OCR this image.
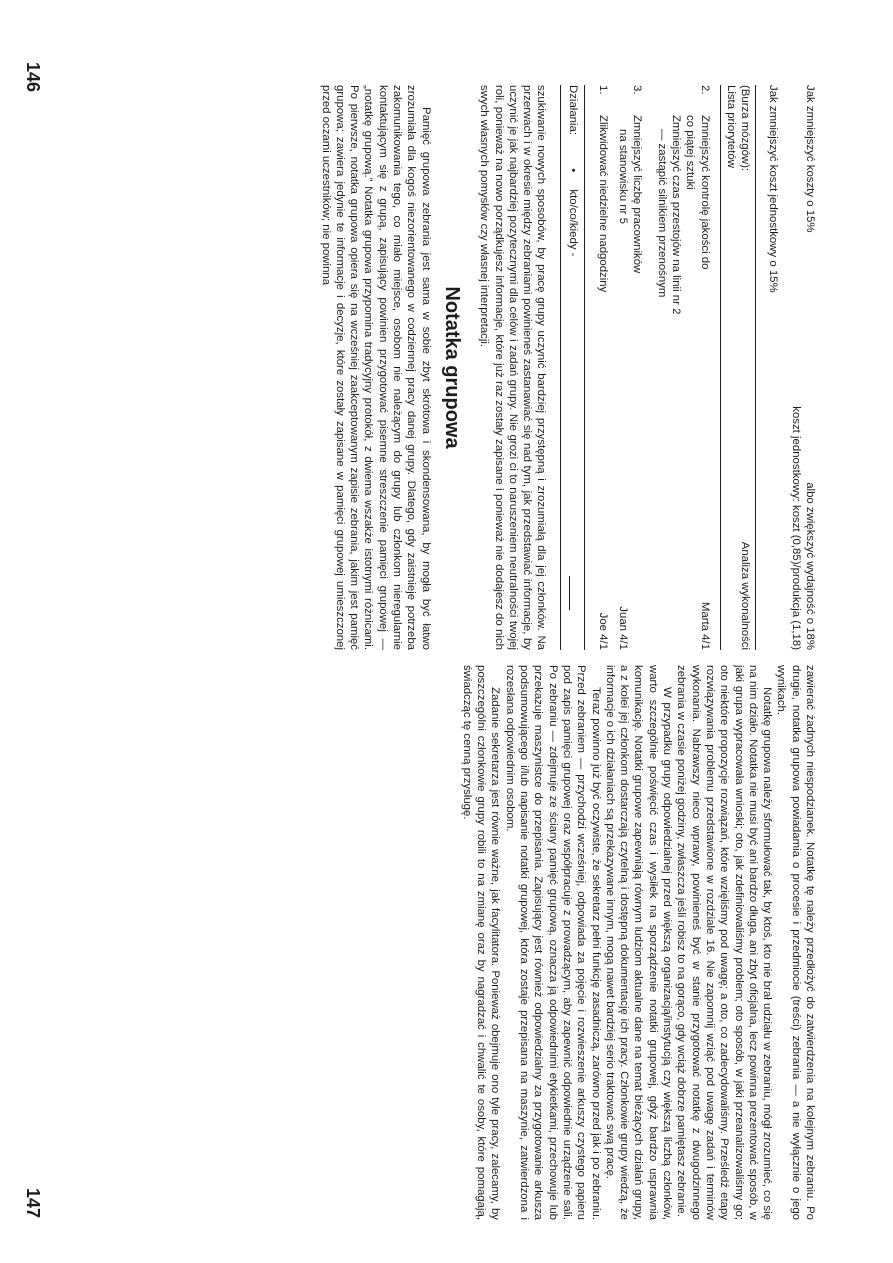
Jak zmniejszyć koszty o 15%
albo zwiększyć wydajność o 18%
koszt jednostkowy: koszt (0,85)/produkcja (1,18)
Jak zmniejszyć koszt jednostkowy o 15%
(Burza mózgów):
Analiza wykonalności
Lista priorytetów
2.
Marta 4/1
Zmniejszyć kontrolę jakości do
co piątej sztuki
Zmniejszyć czas przestojów na linii nr 2
— zastąpić silnikiem przenośnym
3.
Juan 4/1
Zmniejszyć liczbę pracowników
na stanowisku nr 5
1.
Joe 4/1
Zlikwidować niedzielne nadgodziny
Działania: • kto/co/kiedy -

szukiwanie nowych sposobów, by pracę grupy uczynić bardziej przystępną i zrozumiałą dla jej członków. Na przerwach i w okresie między zebraniami powinieneś zastanawiać się nad tym, jak przedstawiać informacje, by uczynić je jak najbardziej pozytecznymi dla celów i zadań grupy. Nie grozi ci to naruszeniem neutralności twojej roli, ponieważ na nowo porządkujesz informacje, które już raz zostały zapisane i ponieważ nie dodajesz do nich swych własnych pomysłów czy własnej interpretacji.

Notatka grupowa

Pamięć grupowa zebrania jest sama w sobie zbyt skrótowa i skondensowana, by mogła być łatwo zrozumiała dla kogoś niezorientowanego w codziennej pracy danej grupy. Dlatego, gdy zaistnieje potrzeba zakomunikowania tego, co miało miejsce, osobom nie należącym do grupy lub członkom nieregularnie kontaktującym się z grupą, zapisujący powinien przygotować pisemne streszczenie pamięci grupowej — „notatkę grupową.” Notatka grupowa przypomina tradycyjny protokół, z dwiema wszakże istotnymi różnicami. Po pierwsze, notatka grupowa opiera się na wcześniej zaakceptowanym zapisie zebrania, jakim jest pamięć grupowa; zawiera jedynie te informacje i decyzje, które zostały zapisane w pamięci grupowej umieszczonej przed oczami uczestników; nie powinna

zawierać żadnych niespodzianek. Notatkę tę należy przedłożyć do zatwierdzenia na kolejnym zebraniu. Po drugie, notatka grupowa powiadamia o procesie i przedmiocie (treści) zebrania — a nie wyłącznie o jego wynikach.

Notatkę grupowa należy sformułować tak, by ktoś, kto nie brał udziału w zebraniu, mógł zrozumieć, co się na nim działo. Notatka nie musi być ani bardzo długa, ani zbyt oficjalna, lecz powinna prezentować sposób, w jaki grupa wypracowała wnioski; oto, jak zdefiniowaliśmy problem; oto sposób, w jaki przeanalizowaliśmy go; oto niektóre propozycje rozwiązań, które wzięliśmy pod uwagę; a oto, co zadecydowaliśmy. Prześledź etapy rozwiązywania problemu przedstawione w rozdziale 16. Nie zapomnij wziąć pod uwagę zadań i terminów wykonania. Nabrawszy nieco wprawy, powinieneś być w stanie przygotować notatkę z dwugodzinnego zebrania w czasie poniżej godziny, zwłaszcza jeśli robisz to na gorąco, gdy wciąż dobrze pamiętasz zebranie.

W przypadku grupy odpowiedzialnej przed większą organizacją/instytucją czy większą liczbą członków, warto szczególnie poświęcić czas i wysiłek na sporządzenie notatki grupowej, gdyż bardzo usprawnia komunikację. Notatki grupowe zapewniają równym ludziom aktualne dane na temat bieżących działań grupy, a z kolei jej członkom dostarczają czytelną i dostępną dokumentację ich pracy. Członkowie grupy wiedzą, że informacje o ich działaniach są przekazywane innym, mogą nawet bardziej serio traktować swą pracę.

Teraz powinno już być oczywiste, że sekretarz pełni funkcję zasadniczą, zarówno przed jak i po zebraniu. Przed zebraniem — przychodzi wcześniej, odpowiada za pojęcie i rozwieszenie arkuszy czystego papieru pod zapis pamięci grupowej oraz współpracuje z prowadzącym, aby zapewnić odpowiednie urządzenie sali. Po zebraniu — zdejmuje ze ściany pamięć grupową, oznacza ją odpowiednimi etykietkami, przechowuje lub przekazuje maszynistce do przepisania. Zapisujący jest również odpowiedzialny za przygotowanie arkusza podsumowującego i/lub napisanie notatki grupowej, która zostaje przepisana na maszynie, zatwierdzona i rozesłana odpowiednim osobom.

Zadanie sekretarza jest równie ważne, jak facylitatora. Ponieważ obejmuje ono tyle pracy, zalecamy, by poszczególni członkowie grupy robili to na zmianę oraz by nagradzać i chwalić te osoby, które pomagają, świadcząc tę cenną przysługę.

146
147
